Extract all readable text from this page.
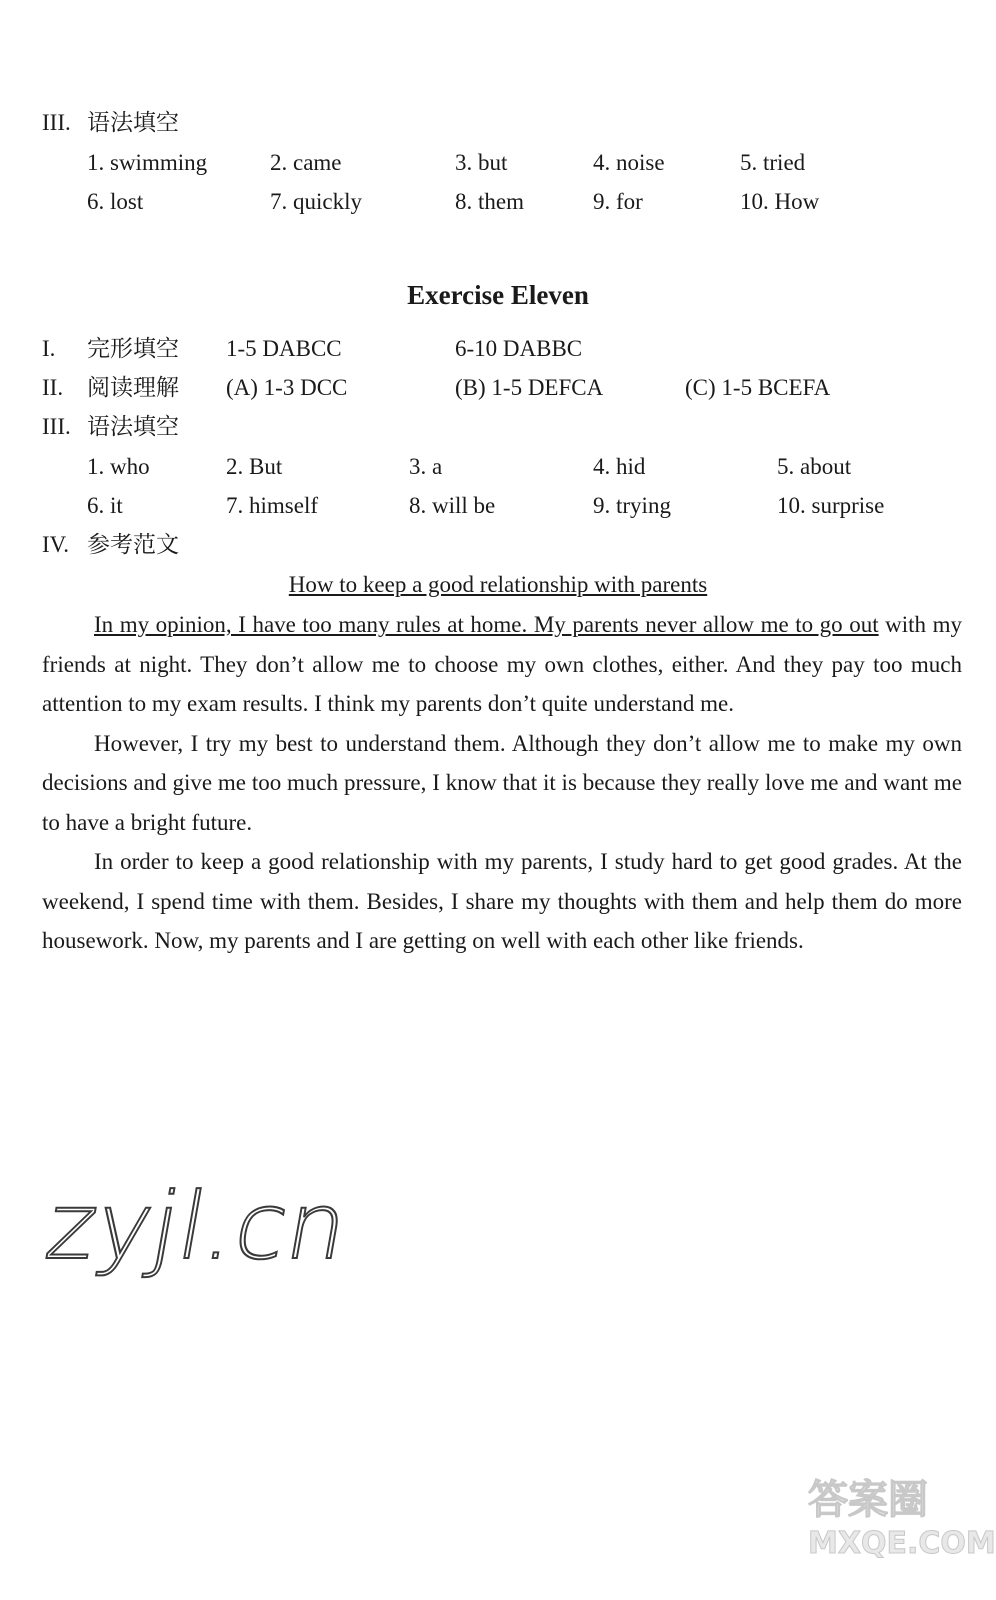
III. 语法填空
1. swimming	2. came	3. but	4. noise	5. tried
6. lost	7. quickly	8. them	9. for	10. How
Exercise Eleven
I. 完形填空 1-5 DABCC	6-10 DABBC
II. 阅读理解 (A) 1-3 DCC	(B) 1-5 DEFCA	(C) 1-5 BCEFA
III. 语法填空
1. who	2. But	3. a	4. hid	5. about
6. it	7. himself	8. will be	9. trying	10. surprise
IV. 参考范文
How to keep a good relationship with parents

In my opinion, I have too many rules at home. My parents never allow me to go out with my friends at night. They don’t allow me to choose my own clothes, either. And they pay too much attention to my exam results. I think my parents don’t quite understand me.

However, I try my best to understand them. Although they don’t allow me to make my own decisions and give me too much pressure, I know that it is because they really love me and want me to have a bright future.

In order to keep a good relationship with my parents, I study hard to get good grades. At the weekend, I spend time with them. Besides, I share my thoughts with them and help them do more housework. Now, my parents and I are getting on well with each other like friends.

zyjl.cn
答案圈
MXQE.COM
